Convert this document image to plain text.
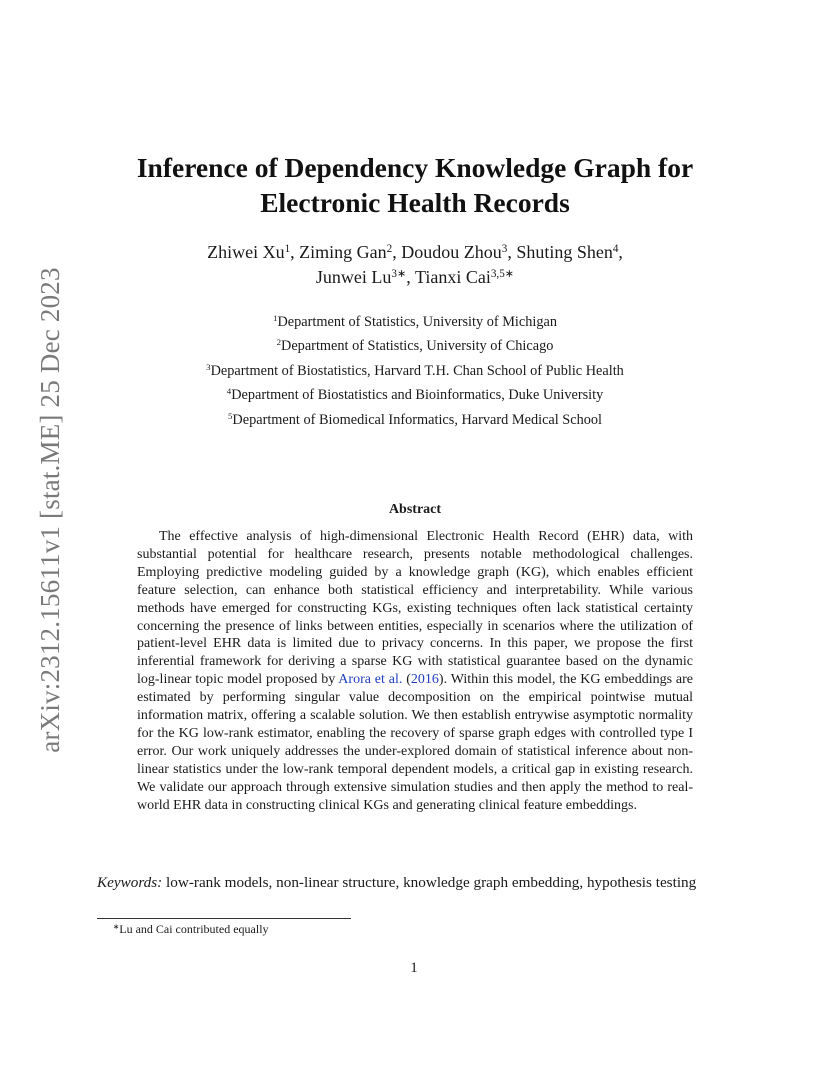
arXiv:2312.15611v1 [stat.ME] 25 Dec 2023
Inference of Dependency Knowledge Graph for
Electronic Health Records
Zhiwei Xu$^1$, Ziming Gan$^2$, Doudou Zhou$^3$, Shuting Shen$^4$,
Junwei $Lu^{3∗}$, Tianxi Cai$^{3,5∗}$
$^1$Department of Statistics, University of Michigan
$^2$Department of Statistics, University of Chicago
$^3$Department of Biostatistics, Harvard T.H. Chan School of Public Health
$^4$Department of Biostatistics and Bioinformatics, Duke University
$^5$Department of Biomedical Informatics, Harvard Medical School
Abstract
The effective analysis of high-dimensional Electronic Health Record (EHR) data, with substantial potential for healthcare research, presents notable methodological challenges. Employing predictive modeling guided by a knowledge graph (KG), which enables efficient feature selection, can enhance both statistical efficiency and interpretability. While various methods have emerged for constructing KGs, existing techniques often lack statistical certainty concerning the presence of links between entities, especially in scenarios where the utilization of patient-level EHR data is limited due to privacy concerns. In this paper, we propose the first inferential framework for deriving a sparse KG with statistical guarantee based on the dynamic log-linear topic model proposed by Arora et al. (2016). Within this model, the KG embeddings are estimated by performing singular value decomposition on the empirical pointwise mutual information matrix, offering a scalable solution. We then establish entrywise asymptotic normality for the KG low-rank estimator, enabling the recovery of sparse graph edges with controlled type I error. Our work uniquely addresses the under-explored domain of statistical inference about non-linear statistics under the low-rank temporal dependent models, a critical gap in existing research. We validate our approach through extensive simulation studies and then apply the method to real-world EHR data in constructing clinical KGs and generating clinical feature embeddings.
Keywords: low-rank models, non-linear structure, knowledge graph embedding, hypothesis testing
∗Lu and Cai contributed equally
1
